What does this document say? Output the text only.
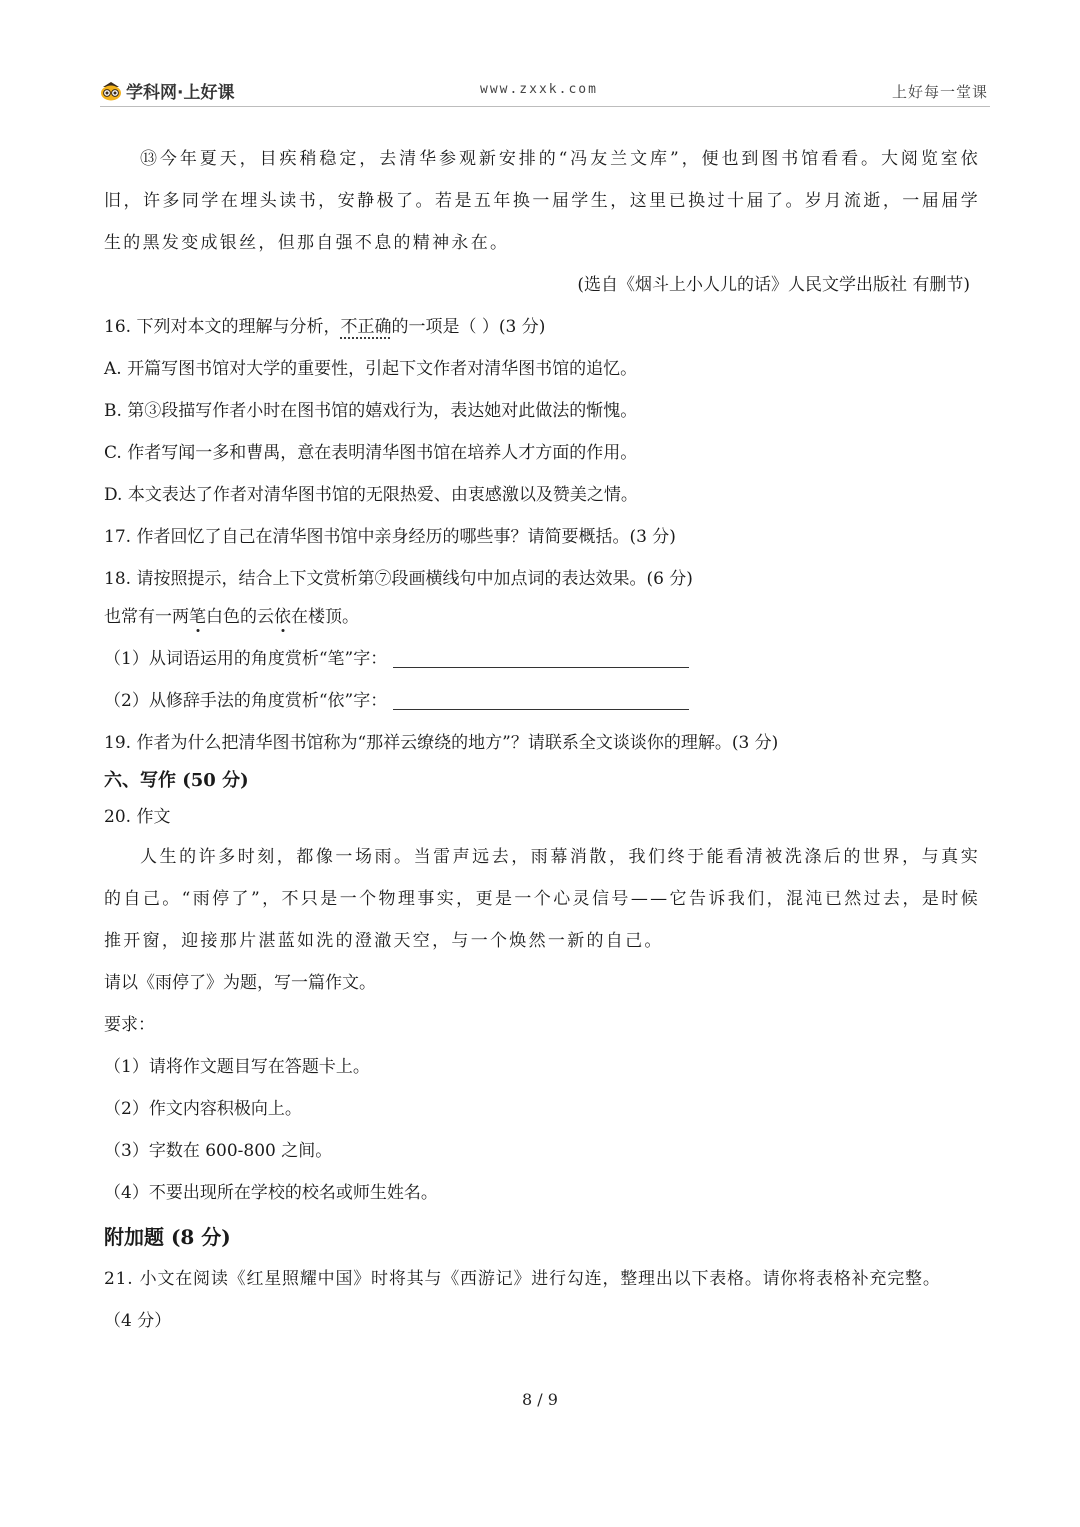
学科网·上好课	www.zxxk.com	上好每一堂课
⑬今年夏天，目疾稍稳定，去清华参观新安排的“冯友兰文库”，便也到图书馆看看。大阅览室依旧，许多同学在埋头读书，安静极了。若是五年换一届学生，这里已换过十届了。岁月流逝，一届届学生的黑发变成银丝，但那自强不息的精神永在。
(选自《烟斗上小人儿的话》人民文学出版社 有删节)
16. 下列对本文的理解与分析，不正确的一项是（ ）(3 分)
A. 开篇写图书馆对大学的重要性，引起下文作者对清华图书馆的追忆。
B. 第③段描写作者小时在图书馆的嬉戏行为，表达她对此做法的惭愧。
C. 作者写闻一多和曹禺，意在表明清华图书馆在培养人才方面的作用。
D. 本文表达了作者对清华图书馆的无限热爱、由衷感激以及赞美之情。
17. 作者回忆了自己在清华图书馆中亲身经历的哪些事？请简要概括。(3 分)
18. 请按照提示，结合上下文赏析第⑦段画横线句中加点词的表达效果。(6 分)
也常有一两笔白色的云依在楼顶。
（1）从词语运用的角度赏析“笔”字：
（2）从修辞手法的角度赏析“依”字：
19. 作者为什么把清华图书馆称为“那祥云缭绕的地方”？请联系全文谈谈你的理解。(3 分)
六、写作 (50 分)
20. 作文
人生的许多时刻，都像一场雨。当雷声远去，雨幕消散，我们终于能看清被洗涤后的世界，与真实的自己。“雨停了”，不只是一个物理事实，更是一个心灵信号——它告诉我们，混沌已然过去，是时候推开窗，迎接那片湛蓝如洗的澄澈天空，与一个焕然一新的自己。
请以《雨停了》为题，写一篇作文。
要求：
（1）请将作文题目写在答题卡上。
（2）作文内容积极向上。
（3）字数在 600-800 之间。
（4）不要出现所在学校的校名或师生姓名。
附加题 (8 分)
21. 小文在阅读《红星照耀中国》时将其与《西游记》进行勾连，整理出以下表格。请你将表格补充完整。
（4 分）
8 / 9
